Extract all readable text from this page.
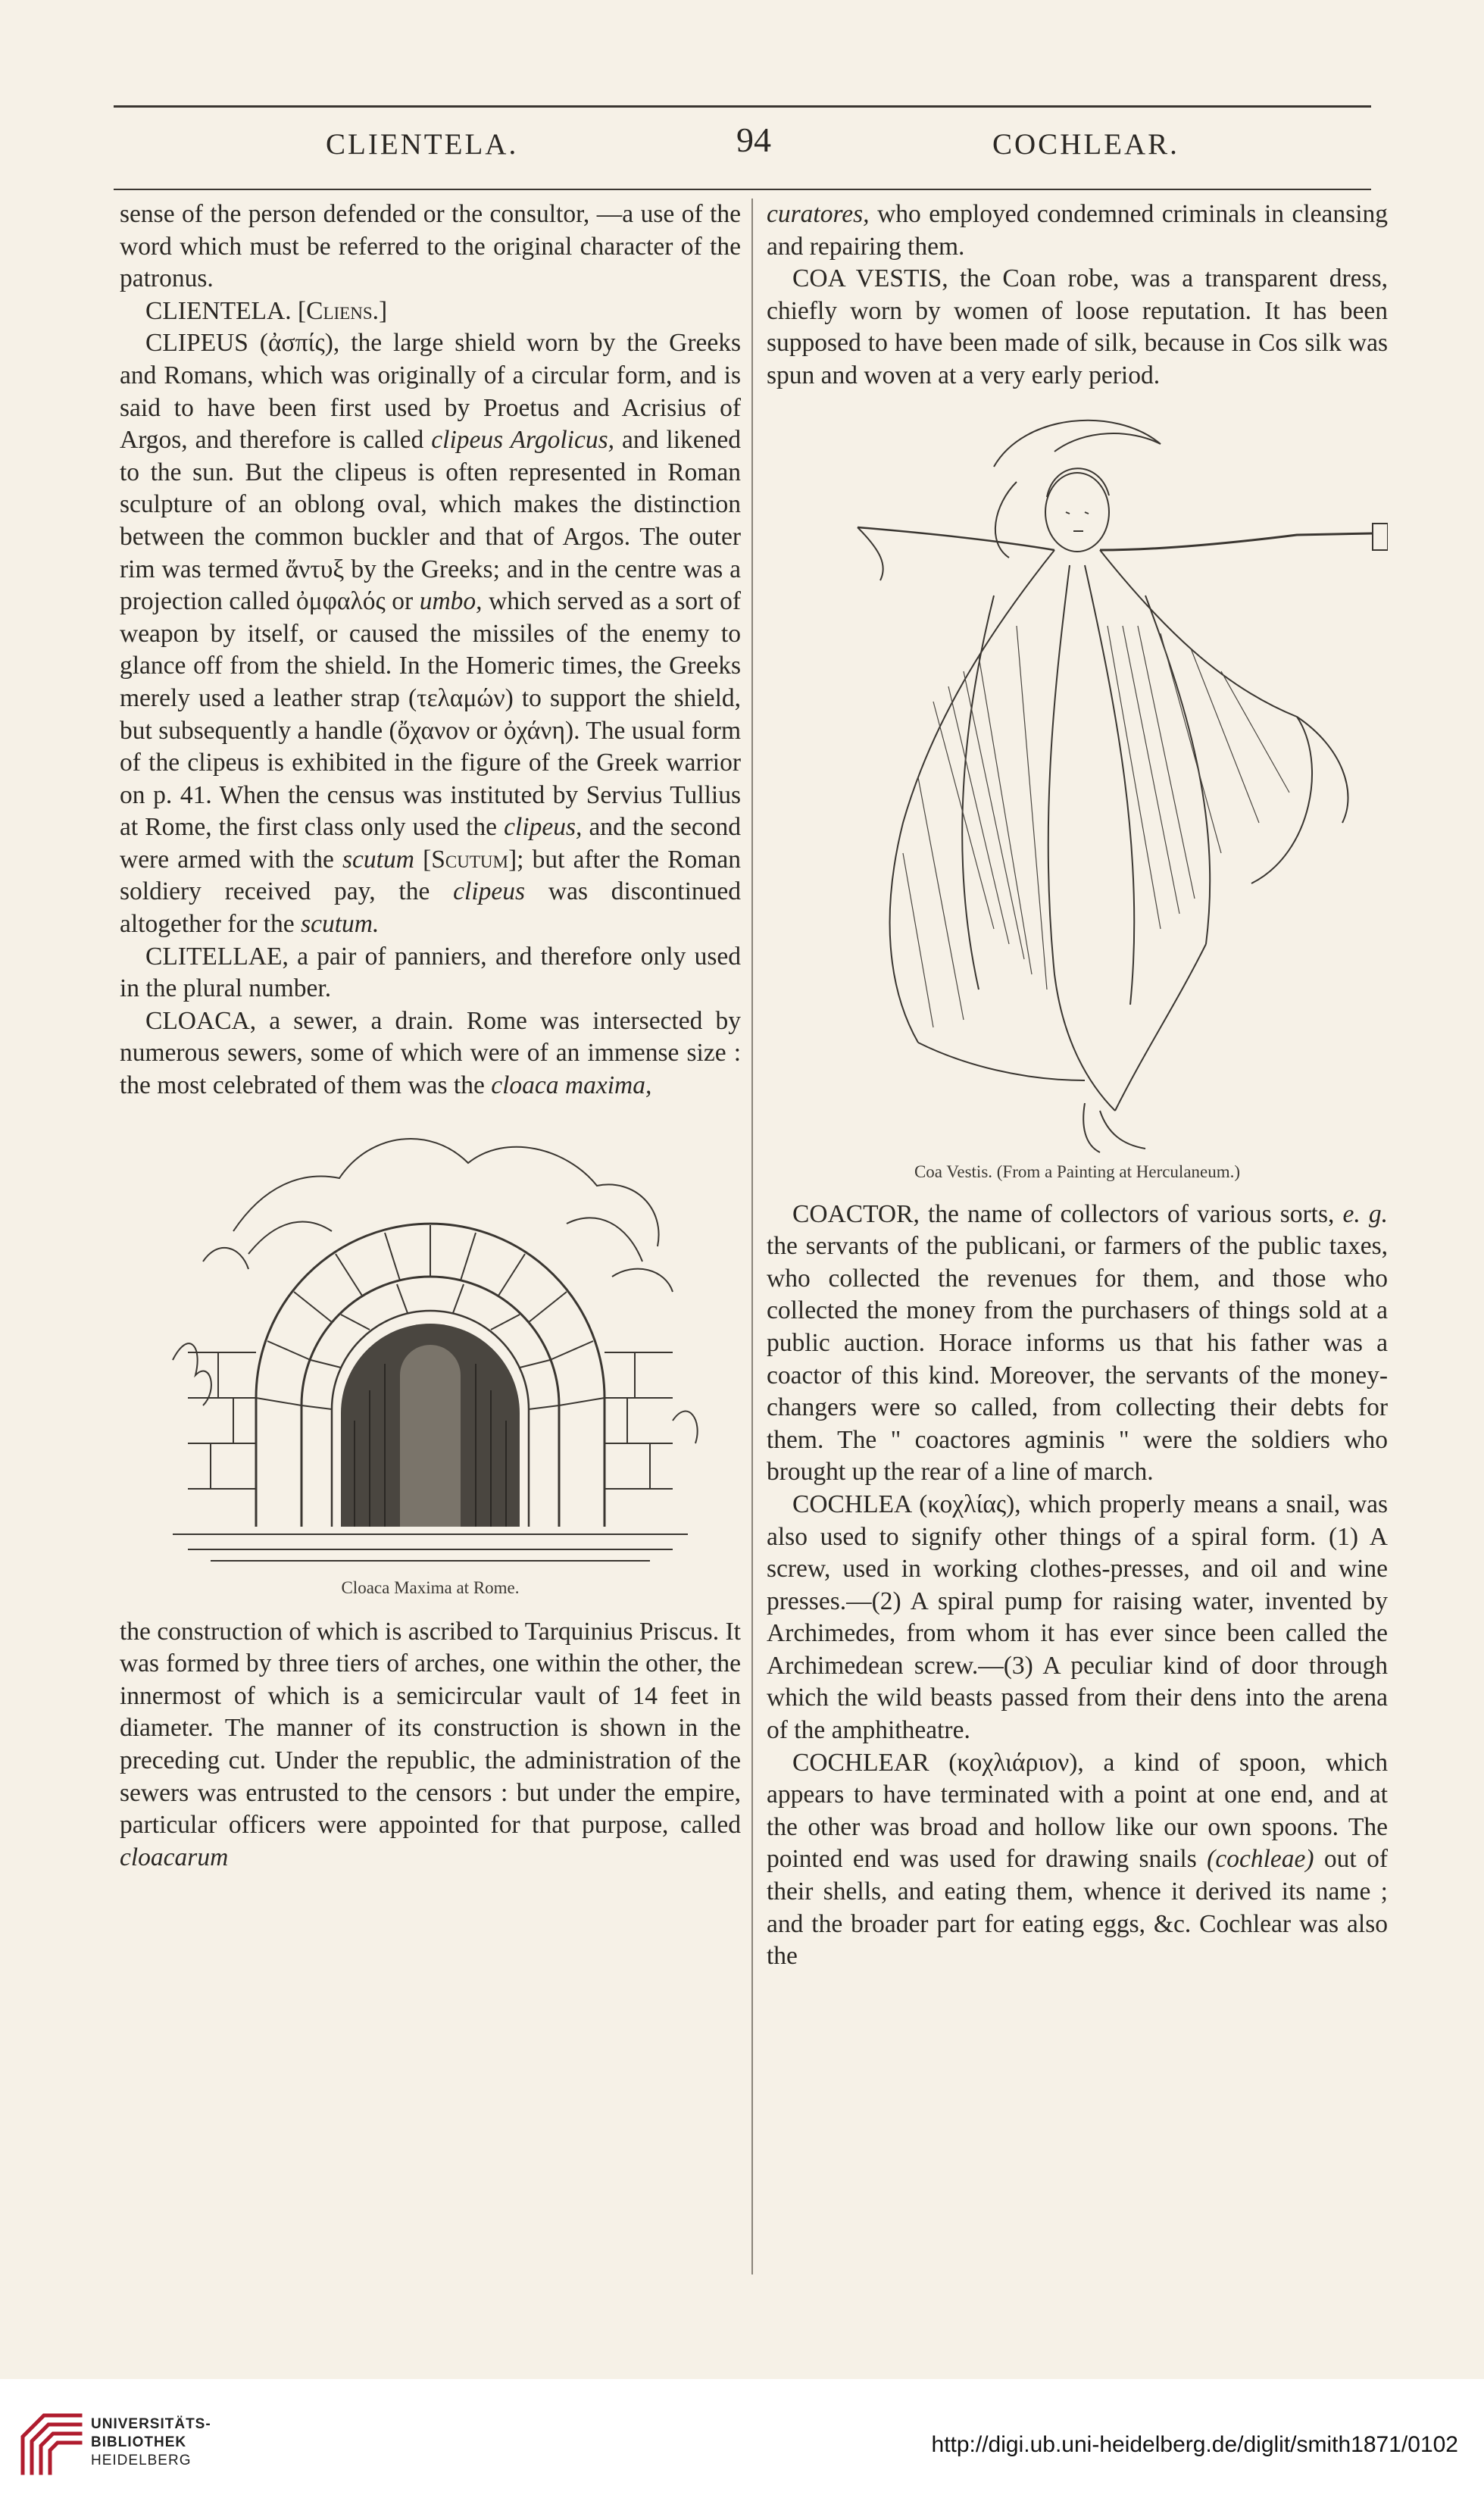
CLIENTELA.	94	COCHLEAR.

sense of the person defended or the consultor, —a use of the word which must be referred to the original character of the patronus.

CLIENTELA. [Cliens.]

CLIPEUS (ἀσπίς), the large shield worn by the Greeks and Romans, which was originally of a circular form, and is said to have been first used by Proetus and Acrisius of Argos, and therefore is called clipeus Argolicus, and likened to the sun. But the clipeus is often represented in Roman sculpture of an oblong oval, which makes the distinction between the common buckler and that of Argos. The outer rim was termed ἄντυξ by the Greeks; and in the centre was a projection called ὀμφαλός or umbo, which served as a sort of weapon by itself, or caused the missiles of the enemy to glance off from the shield. In the Homeric times, the Greeks merely used a leather strap (τελαμών) to support the shield, but subsequently a handle (ὄχανον or ὀχάνη). The usual form of the clipeus is exhibited in the figure of the Greek warrior on p. 41. When the census was instituted by Servius Tullius at Rome, the first class only used the clipeus, and the second were armed with the scutum [Scutum]; but after the Roman soldiery received pay, the clipeus was discontinued altogether for the scutum.

CLITELLAE, a pair of panniers, and therefore only used in the plural number.

CLOACA, a sewer, a drain. Rome was intersected by numerous sewers, some of which were of an immense size : the most celebrated of them was the cloaca maxima,

Cloaca Maxima at Rome.

the construction of which is ascribed to Tarquinius Priscus. It was formed by three tiers of arches, one within the other, the innermost of which is a semicircular vault of 14 feet in diameter. The manner of its construction is shown in the preceding cut. Under the republic, the administration of the sewers was entrusted to the censors : but under the empire, particular officers were appointed for that purpose, called cloacarum

curatores, who employed condemned criminals in cleansing and repairing them.

COA VESTIS, the Coan robe, was a transparent dress, chiefly worn by women of loose reputation. It has been supposed to have been made of silk, because in Cos silk was spun and woven at a very early period.

Coa Vestis. (From a Painting at Herculaneum.)

COACTOR, the name of collectors of various sorts, e. g. the servants of the publicani, or farmers of the public taxes, who collected the revenues for them, and those who collected the money from the purchasers of things sold at a public auction. Horace informs us that his father was a coactor of this kind. Moreover, the servants of the money-changers were so called, from collecting their debts for them. The " coactores agminis " were the soldiers who brought up the rear of a line of march.

COCHLEA (κοχλίας), which properly means a snail, was also used to signify other things of a spiral form. (1) A screw, used in working clothes-presses, and oil and wine presses.—(2) A spiral pump for raising water, invented by Archimedes, from whom it has ever since been called the Archimedean screw.—(3) A peculiar kind of door through which the wild beasts passed from their dens into the arena of the amphitheatre.

COCHLEAR (κοχλιάριον), a kind of spoon, which appears to have terminated with a point at one end, and at the other was broad and hollow like our own spoons. The pointed end was used for drawing snails (cochleae) out of their shells, and eating them, whence it derived its name ; and the broader part for eating eggs, &c. Cochlear was also the

UNIVERSITÄTS-
BIBLIOTHEK
HEIDELBERG
http://digi.ub.uni-heidelberg.de/diglit/smith1871/0102
